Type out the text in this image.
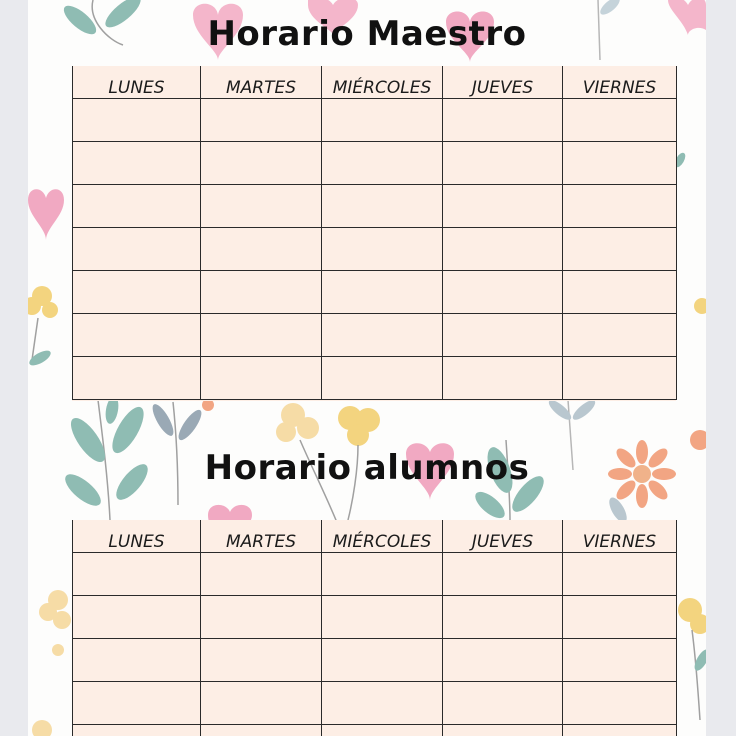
Horario Maestro
LUNES	MARTES	MIÉRCOLES	JUEVES	VIERNES

Horario alumnos
LUNES	MARTES	MIÉRCOLES	JUEVES	VIERNES
